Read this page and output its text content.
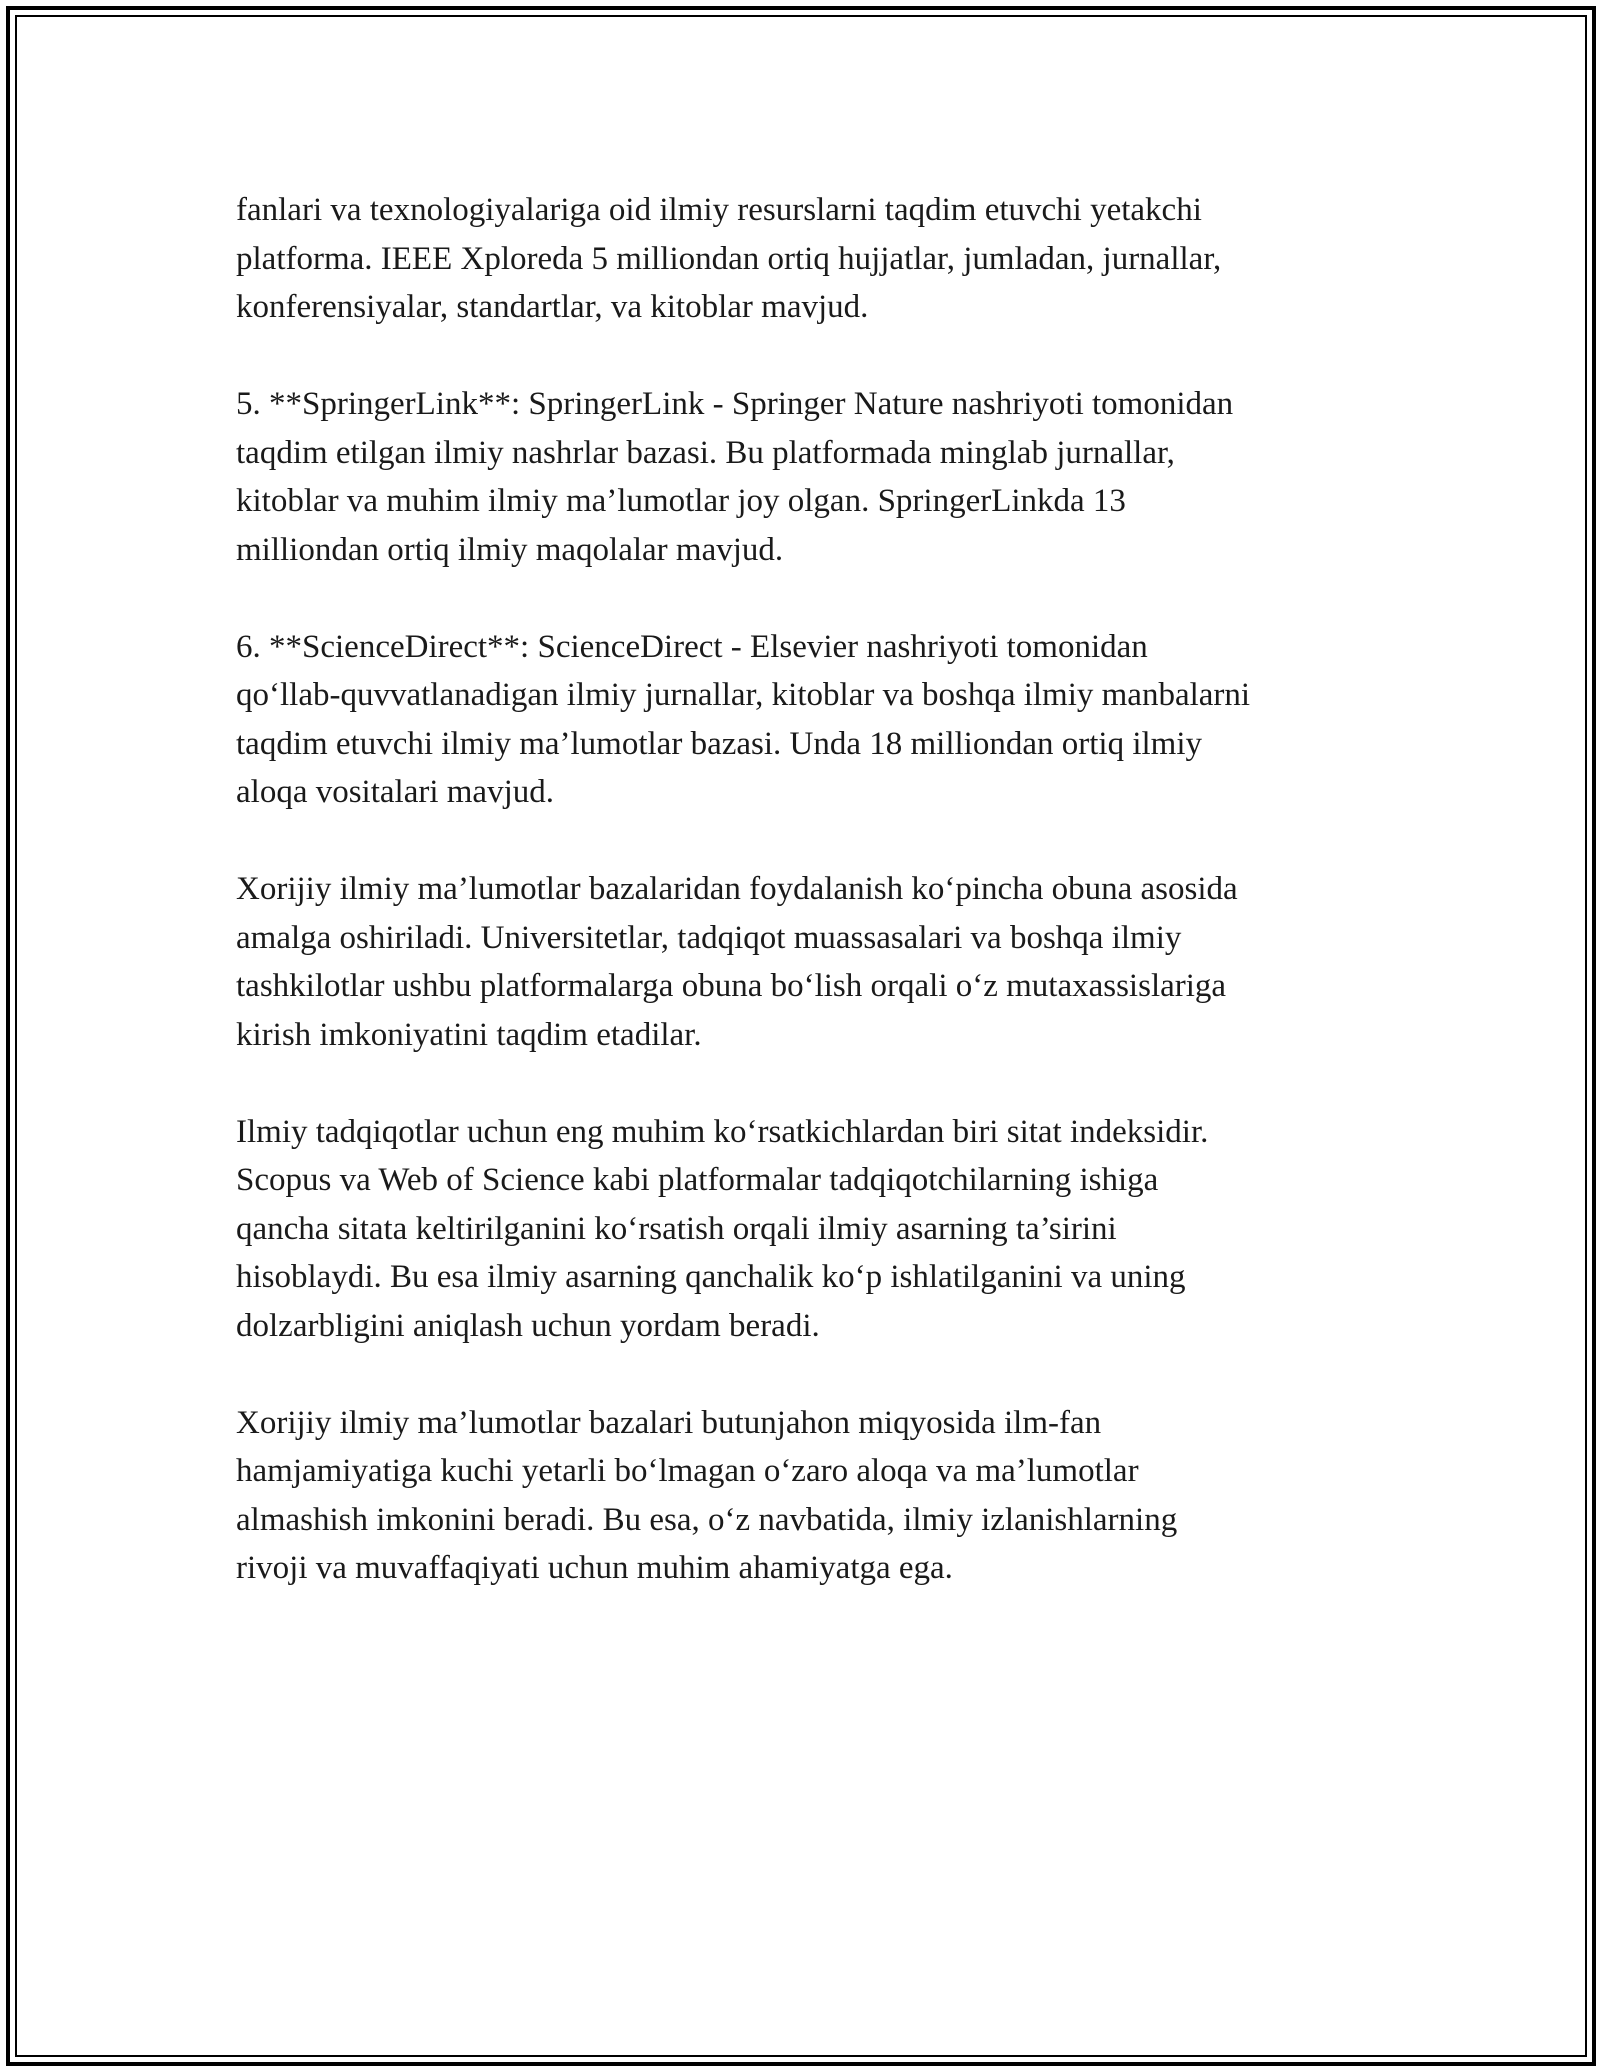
fanlari va texnologiyalariga oid ilmiy resurslarni taqdim etuvchi yetakchi
platforma. IEEE Xploreda 5 milliondan ortiq hujjatlar, jumladan, jurnallar,
konferensiyalar, standartlar, va kitoblar mavjud.

5. **SpringerLink**: SpringerLink - Springer Nature nashriyoti tomonidan
taqdim etilgan ilmiy nashrlar bazasi. Bu platformada minglab jurnallar,
kitoblar va muhim ilmiy ma’lumotlar joy olgan. SpringerLinkda 13
milliondan ortiq ilmiy maqolalar mavjud.

6. **ScienceDirect**: ScienceDirect - Elsevier nashriyoti tomonidan
qo‘llab-quvvatlanadigan ilmiy jurnallar, kitoblar va boshqa ilmiy manbalarni
taqdim etuvchi ilmiy ma’lumotlar bazasi. Unda 18 milliondan ortiq ilmiy
aloqa vositalari mavjud.

Xorijiy ilmiy ma’lumotlar bazalaridan foydalanish ko‘pincha obuna asosida
amalga oshiriladi. Universitetlar, tadqiqot muassasalari va boshqa ilmiy
tashkilotlar ushbu platformalarga obuna bo‘lish orqali o‘z mutaxassislariga
kirish imkoniyatini taqdim etadilar.

Ilmiy tadqiqotlar uchun eng muhim ko‘rsatkichlardan biri sitat indeksidir.
Scopus va Web of Science kabi platformalar tadqiqotchilarning ishiga
qancha sitata keltirilganini ko‘rsatish orqali ilmiy asarning ta’sirini
hisoblaydi. Bu esa ilmiy asarning qanchalik ko‘p ishlatilganini va uning
dolzarbligini aniqlash uchun yordam beradi.

Xorijiy ilmiy ma’lumotlar bazalari butunjahon miqyosida ilm-fan
hamjamiyatiga kuchi yetarli bo‘lmagan o‘zaro aloqa va ma’lumotlar
almashish imkonini beradi. Bu esa, o‘z navbatida, ilmiy izlanishlarning
rivoji va muvaffaqiyati uchun muhim ahamiyatga ega.
